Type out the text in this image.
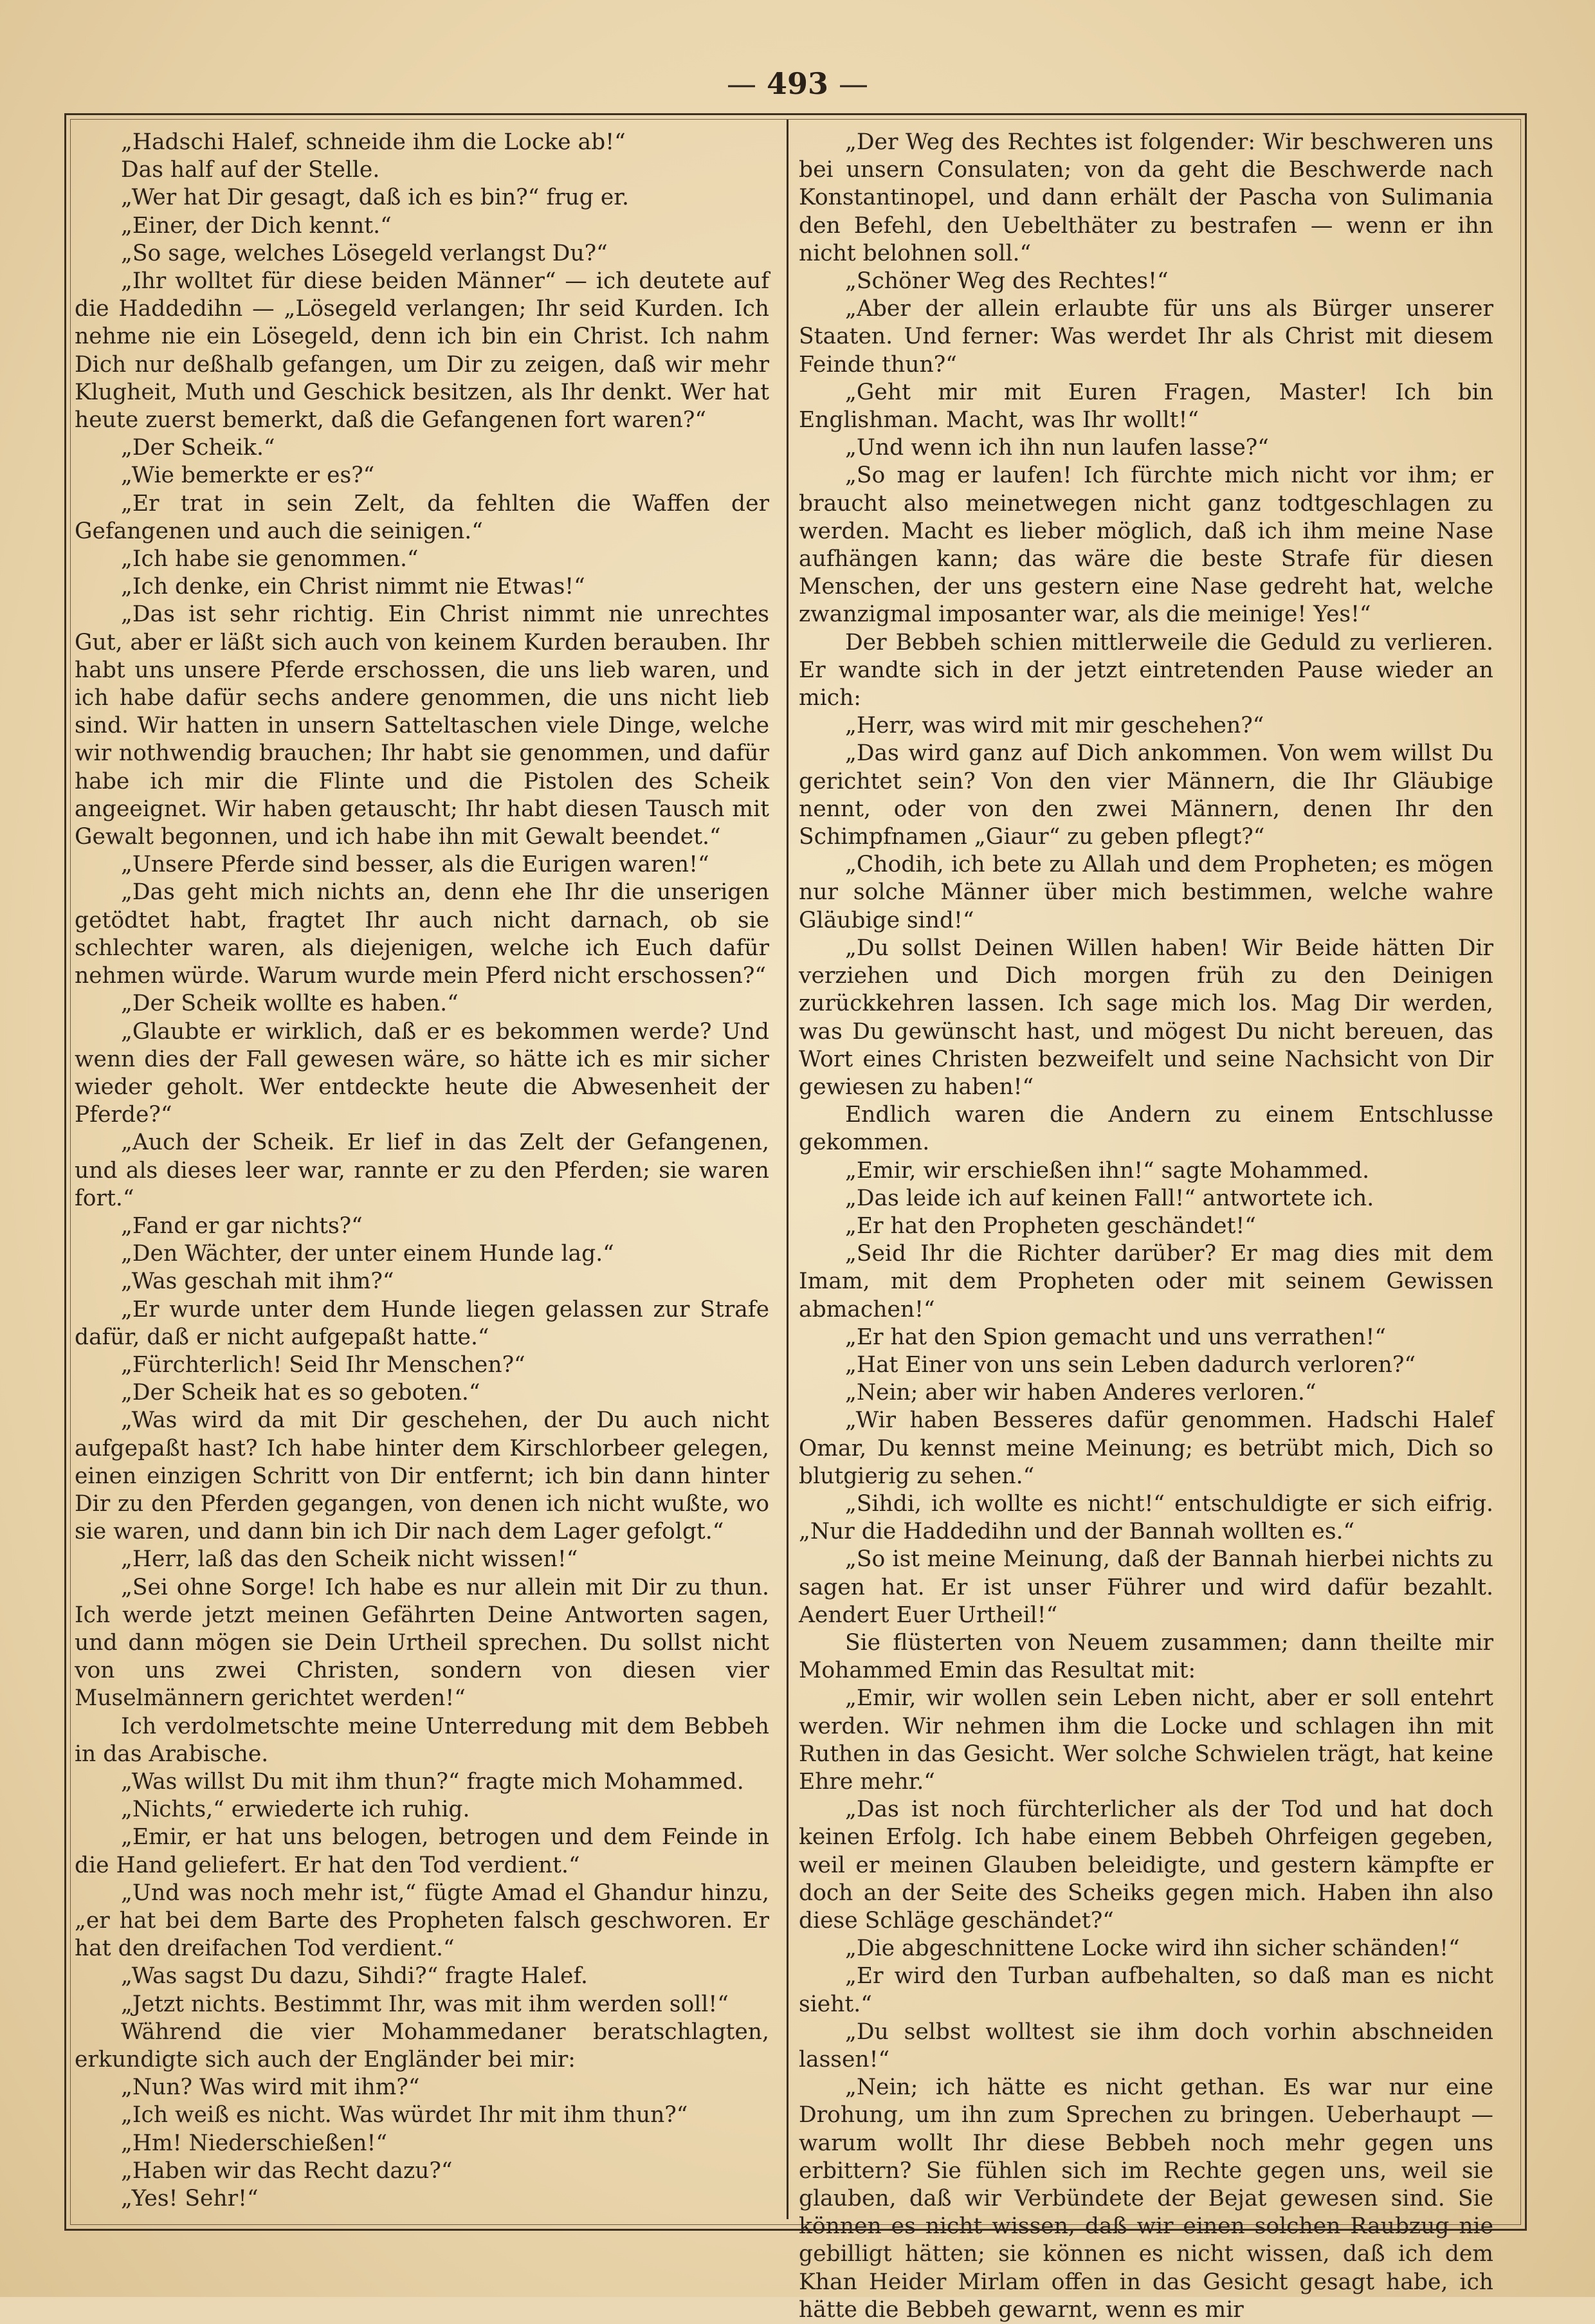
— 493 —

„Hadschi Halef, schneide ihm die Locke ab!“

Das half auf der Stelle.

„Wer hat Dir gesagt, daß ich es bin?“ frug er.

„Einer, der Dich kennt.“

„So sage, welches Lösegeld verlangst Du?“

„Ihr wolltet für diese beiden Männer“ — ich deutete auf die Haddedihn — „Lösegeld verlangen; Ihr seid Kurden. Ich nehme nie ein Lösegeld, denn ich bin ein Christ. Ich nahm Dich nur deßhalb gefangen, um Dir zu zeigen, daß wir mehr Klugheit, Muth und Geschick besitzen, als Ihr denkt. Wer hat heute zuerst bemerkt, daß die Gefangenen fort waren?“

„Der Scheik.“

„Wie bemerkte er es?“

„Er trat in sein Zelt, da fehlten die Waffen der Gefangenen und auch die seinigen.“

„Ich habe sie genommen.“

„Ich denke, ein Christ nimmt nie Etwas!“

„Das ist sehr richtig. Ein Christ nimmt nie unrechtes Gut, aber er läßt sich auch von keinem Kurden berauben. Ihr habt uns unsere Pferde erschossen, die uns lieb waren, und ich habe dafür sechs andere genommen, die uns nicht lieb sind. Wir hatten in unsern Satteltaschen viele Dinge, welche wir nothwendig brauchen; Ihr habt sie genommen, und dafür habe ich mir die Flinte und die Pistolen des Scheik angeeignet. Wir haben getauscht; Ihr habt diesen Tausch mit Gewalt begonnen, und ich habe ihn mit Gewalt beendet.“

„Unsere Pferde sind besser, als die Eurigen waren!“

„Das geht mich nichts an, denn ehe Ihr die unserigen getödtet habt, fragtet Ihr auch nicht darnach, ob sie schlechter waren, als diejenigen, welche ich Euch dafür nehmen würde. Warum wurde mein Pferd nicht erschossen?“

„Der Scheik wollte es haben.“

„Glaubte er wirklich, daß er es bekommen werde? Und wenn dies der Fall gewesen wäre, so hätte ich es mir sicher wieder geholt. Wer entdeckte heute die Abwesenheit der Pferde?“

„Auch der Scheik. Er lief in das Zelt der Gefangenen, und als dieses leer war, rannte er zu den Pferden; sie waren fort.“

„Fand er gar nichts?“

„Den Wächter, der unter einem Hunde lag.“

„Was geschah mit ihm?“

„Er wurde unter dem Hunde liegen gelassen zur Strafe dafür, daß er nicht aufgepaßt hatte.“

„Fürchterlich! Seid Ihr Menschen?“

„Der Scheik hat es so geboten.“

„Was wird da mit Dir geschehen, der Du auch nicht aufgepaßt hast? Ich habe hinter dem Kirschlorbeer gelegen, einen einzigen Schritt von Dir entfernt; ich bin dann hinter Dir zu den Pferden gegangen, von denen ich nicht wußte, wo sie waren, und dann bin ich Dir nach dem Lager gefolgt.“

„Herr, laß das den Scheik nicht wissen!“

„Sei ohne Sorge! Ich habe es nur allein mit Dir zu thun. Ich werde jetzt meinen Gefährten Deine Antworten sagen, und dann mögen sie Dein Urtheil sprechen. Du sollst nicht von uns zwei Christen, sondern von diesen vier Muselmännern gerichtet werden!“

Ich verdolmetschte meine Unterredung mit dem Bebbeh in das Arabische.

„Was willst Du mit ihm thun?“ fragte mich Mohammed.

„Nichts,“ erwiederte ich ruhig.

„Emir, er hat uns belogen, betrogen und dem Feinde in die Hand geliefert. Er hat den Tod verdient.“

„Und was noch mehr ist,“ fügte Amad el Ghandur hinzu, „er hat bei dem Barte des Propheten falsch geschworen. Er hat den dreifachen Tod verdient.“

„Was sagst Du dazu, Sihdi?“ fragte Halef.

„Jetzt nichts. Bestimmt Ihr, was mit ihm werden soll!“

Während die vier Mohammedaner beratschlagten, erkundigte sich auch der Engländer bei mir:

„Nun? Was wird mit ihm?“

„Ich weiß es nicht. Was würdet Ihr mit ihm thun?“

„Hm! Niederschießen!“

„Haben wir das Recht dazu?“

„Yes! Sehr!“

„Der Weg des Rechtes ist folgender: Wir beschweren uns bei unsern Consulaten; von da geht die Beschwerde nach Konstantinopel, und dann erhält der Pascha von Sulimania den Befehl, den Uebelthäter zu bestrafen — wenn er ihn nicht belohnen soll.“

„Schöner Weg des Rechtes!“

„Aber der allein erlaubte für uns als Bürger unserer Staaten. Und ferner: Was werdet Ihr als Christ mit diesem Feinde thun?“

„Geht mir mit Euren Fragen, Master! Ich bin Englishman. Macht, was Ihr wollt!“

„Und wenn ich ihn nun laufen lasse?“

„So mag er laufen! Ich fürchte mich nicht vor ihm; er braucht also meinetwegen nicht ganz todtgeschlagen zu werden. Macht es lieber möglich, daß ich ihm meine Nase aufhängen kann; das wäre die beste Strafe für diesen Menschen, der uns gestern eine Nase gedreht hat, welche zwanzigmal imposanter war, als die meinige! Yes!“

Der Bebbeh schien mittlerweile die Geduld zu verlieren. Er wandte sich in der jetzt eintretenden Pause wieder an mich:

„Herr, was wird mit mir geschehen?“

„Das wird ganz auf Dich ankommen. Von wem willst Du gerichtet sein? Von den vier Männern, die Ihr Gläubige nennt, oder von den zwei Männern, denen Ihr den Schimpfnamen „Giaur“ zu geben pflegt?“

„Chodih, ich bete zu Allah und dem Propheten; es mögen nur solche Männer über mich bestimmen, welche wahre Gläubige sind!“

„Du sollst Deinen Willen haben! Wir Beide hätten Dir verziehen und Dich morgen früh zu den Deinigen zurückkehren lassen. Ich sage mich los. Mag Dir werden, was Du gewünscht hast, und mögest Du nicht bereuen, das Wort eines Christen bezweifelt und seine Nachsicht von Dir gewiesen zu haben!“

Endlich waren die Andern zu einem Entschlusse gekommen.

„Emir, wir erschießen ihn!“ sagte Mohammed.

„Das leide ich auf keinen Fall!“ antwortete ich.

„Er hat den Propheten geschändet!“

„Seid Ihr die Richter darüber? Er mag dies mit dem Imam, mit dem Propheten oder mit seinem Gewissen abmachen!“

„Er hat den Spion gemacht und uns verrathen!“

„Hat Einer von uns sein Leben dadurch verloren?“

„Nein; aber wir haben Anderes verloren.“

„Wir haben Besseres dafür genommen. Hadschi Halef Omar, Du kennst meine Meinung; es betrübt mich, Dich so blutgierig zu sehen.“

„Sihdi, ich wollte es nicht!“ entschuldigte er sich eifrig. „Nur die Haddedihn und der Bannah wollten es.“

„So ist meine Meinung, daß der Bannah hierbei nichts zu sagen hat. Er ist unser Führer und wird dafür bezahlt. Aendert Euer Urtheil!“

Sie flüsterten von Neuem zusammen; dann theilte mir Mohammed Emin das Resultat mit:

„Emir, wir wollen sein Leben nicht, aber er soll entehrt werden. Wir nehmen ihm die Locke und schlagen ihn mit Ruthen in das Gesicht. Wer solche Schwielen trägt, hat keine Ehre mehr.“

„Das ist noch fürchterlicher als der Tod und hat doch keinen Erfolg. Ich habe einem Bebbeh Ohrfeigen gegeben, weil er meinen Glauben beleidigte, und gestern kämpfte er doch an der Seite des Scheiks gegen mich. Haben ihn also diese Schläge geschändet?“

„Die abgeschnittene Locke wird ihn sicher schänden!“

„Er wird den Turban aufbehalten, so daß man es nicht sieht.“

„Du selbst wolltest sie ihm doch vorhin abschneiden lassen!“

„Nein; ich hätte es nicht gethan. Es war nur eine Drohung, um ihn zum Sprechen zu bringen. Ueberhaupt — warum wollt Ihr diese Bebbeh noch mehr gegen uns erbittern? Sie fühlen sich im Rechte gegen uns, weil sie glauben, daß wir Verbündete der Bejat gewesen sind. Sie können es nicht wissen, daß wir einen solchen Raubzug nie gebilligt hätten; sie können es nicht wissen, daß ich dem Khan Heider Mirlam offen in das Gesicht gesagt habe, ich hätte die Bebbeh gewarnt, wenn es mir
